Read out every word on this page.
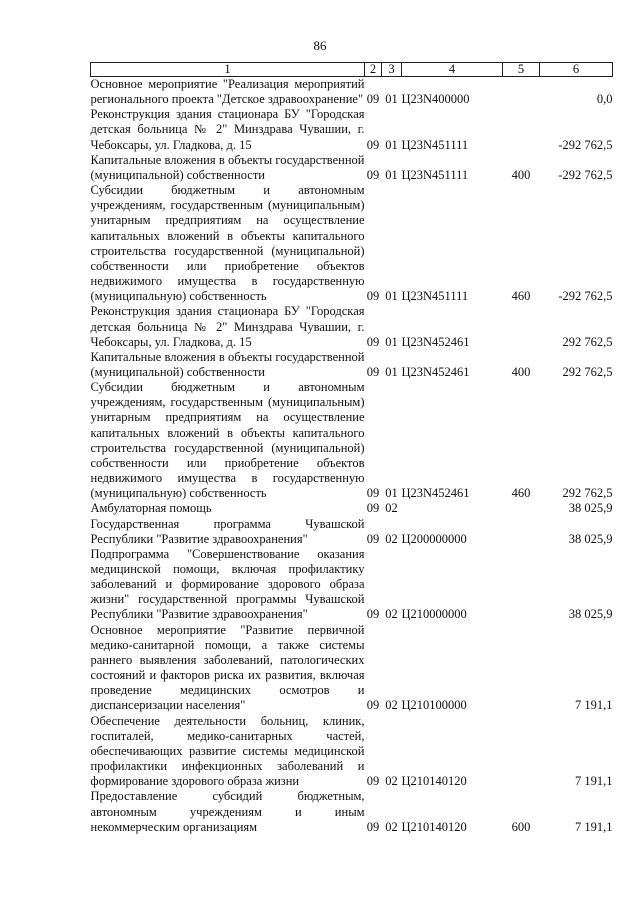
86
1	2	3	4	5	6
Основное мероприятие "Реализация мероприятий регионального проекта "Детское здравоохранение"	09	01	Ц23N400000		0,0
Реконструкция здания стационара БУ "Городская детская больница № 2" Минздрава Чувашии, г. Чебоксары, ул. Гладкова, д. 15	09	01	Ц23N451111		-292 762,5
Капитальные вложения в объекты государственной (муниципальной) собственности	09	01	Ц23N451111	400	-292 762,5
Субсидии бюджетным и автономным учреждениям, государственным (муниципальным) унитарным предприятиям на осуществление капитальных вложений в объекты капитального строительства государственной (муниципальной) собственности или приобретение объектов недвижимого имущества в государственную (муниципальную) собственность	09	01	Ц23N451111	460	-292 762,5
Реконструкция здания стационара БУ "Городская детская больница № 2" Минздрава Чувашии, г. Чебоксары, ул. Гладкова, д. 15	09	01	Ц23N452461		292 762,5
Капитальные вложения в объекты государственной (муниципальной) собственности	09	01	Ц23N452461	400	292 762,5
Субсидии бюджетным и автономным учреждениям, государственным (муниципальным) унитарным предприятиям на осуществление капитальных вложений в объекты капитального строительства государственной (муниципальной) собственности или приобретение объектов недвижимого имущества в государственную (муниципальную) собственность	09	01	Ц23N452461	460	292 762,5
Амбулаторная помощь	09	02			38 025,9
Государственная программа Чувашской Республики "Развитие здравоохранения"	09	02	Ц200000000		38 025,9
Подпрограмма "Совершенствование оказания медицинской помощи, включая профилактику заболеваний и формирование здорового образа жизни" государственной программы Чувашской Республики "Развитие здравоохранения"	09	02	Ц210000000		38 025,9
Основное мероприятие "Развитие первичной медико-санитарной помощи, а также системы раннего выявления заболеваний, патологических состояний и факторов риска их развития, включая проведение медицинских осмотров и диспансеризации населения"	09	02	Ц210100000		7 191,1
Обеспечение деятельности больниц, клиник, госпиталей, медико-санитарных частей, обеспечивающих развитие системы медицинской профилактики инфекционных заболеваний и формирование здорового образа жизни	09	02	Ц210140120		7 191,1
Предоставление субсидий бюджетным, автономным учреждениям и иным некоммерческим организациям	09	02	Ц210140120	600	7 191,1
